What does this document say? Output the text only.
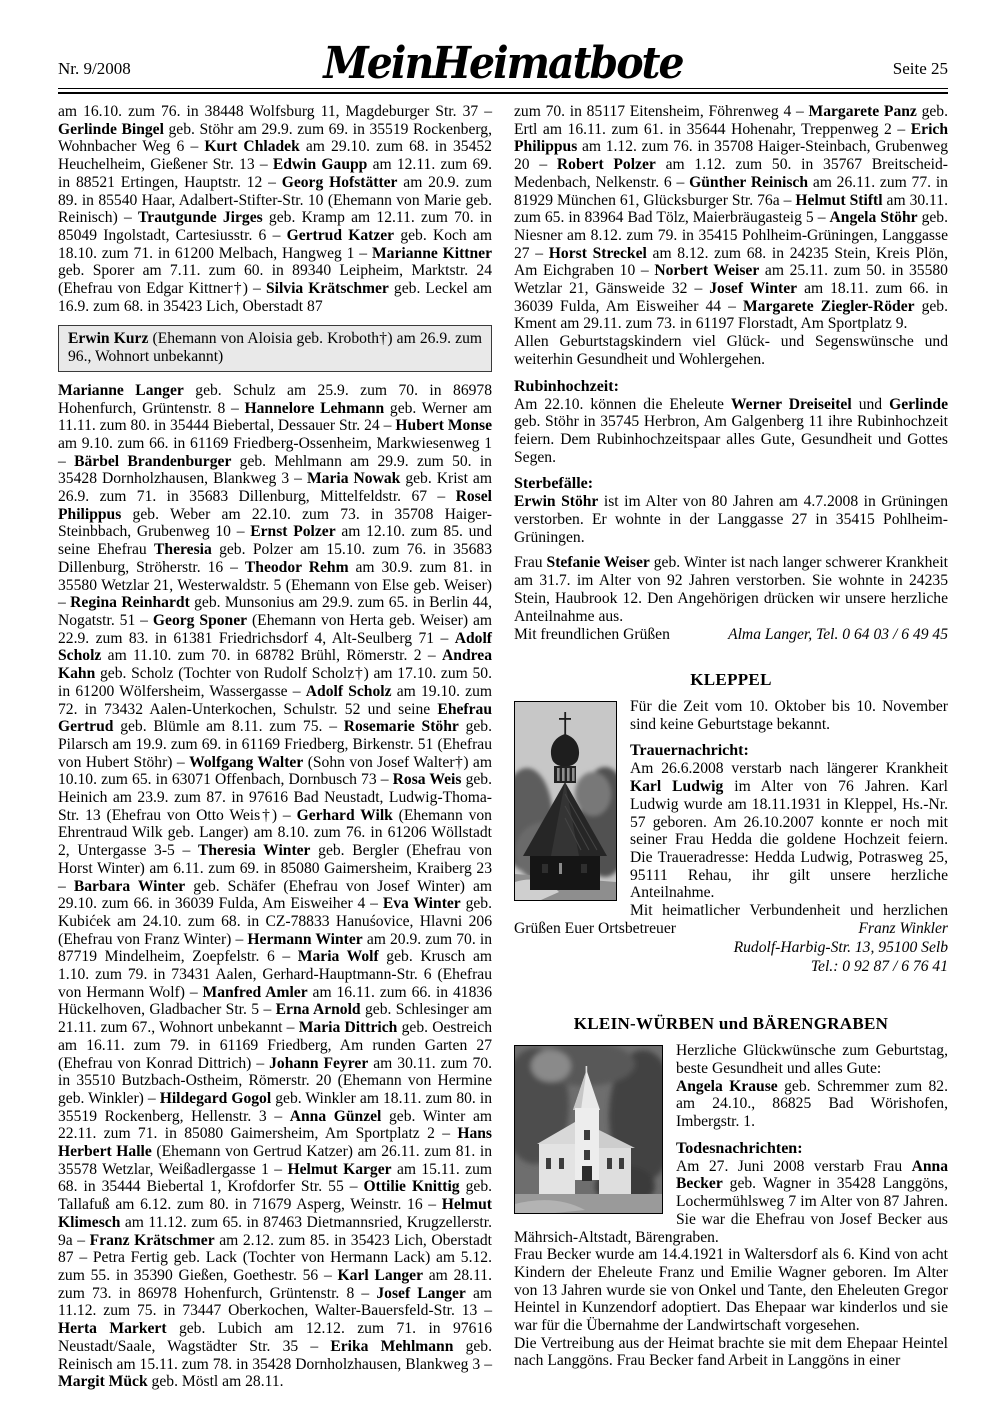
Nr. 9/2008	MeinHeimatbote	Seite 25

am 16.10. zum 76. in 38448 Wolfsburg 11, Magdeburger Str. 37 – Gerlinde Bingel geb. Stöhr am 29.9. zum 69. in 35519 Rockenberg, Wohnbacher Weg 6 – Kurt Chladek am 29.10. zum 68. in 35452 Heuchelheim, Gießener Str. 13 – Edwin Gaupp am 12.11. zum 69. in 88521 Ertingen, Hauptstr. 12 – Georg Hofstätter am 20.9. zum 89. in 85540 Haar, Adalbert-Stifter-Str. 10 (Ehemann von Marie geb. Reinisch) – Trautgunde Jirges geb. Kramp am 12.11. zum 70. in 85049 Ingolstadt, Cartesiusstr. 6 – Gertrud Katzer geb. Koch am 18.10. zum 71. in 61200 Melbach, Hangweg 1 – Marianne Kittner geb. Sporer am 7.11. zum 60. in 89340 Leipheim, Marktstr. 24 (Ehefrau von Edgar Kittner†) – Silvia Krätschmer geb. Leckel am 16.9. zum 68. in 35423 Lich, Oberstadt 87

Erwin Kurz (Ehemann von Aloisia geb. Kroboth†) am 26.9. zum 96., Wohnort unbekannt)

Marianne Langer geb. Schulz am 25.9. zum 70. in 86978 Hohenfurch, Grüntenstr. 8 – Hannelore Lehmann geb. Werner am 11.11. zum 80. in 35444 Biebertal, Dessauer Str. 24 – Hubert Monse am 9.10. zum 66. in 61169 Friedberg-Ossenheim, Markwiesenweg 1 – Bärbel Brandenburger geb. Mehlmann am 29.9. zum 50. in 35428 Dornholzhausen, Blankweg 3 – Maria Nowak geb. Krist am 26.9. zum 71. in 35683 Dillenburg, Mittelfeldstr. 67 – Rosel Philippus geb. Weber am 22.10. zum 73. in 35708 Haiger-Steinbbach, Grubenweg 10 – Ernst Polzer am 12.10. zum 85. und seine Ehefrau Theresia geb. Polzer am 15.10. zum 76. in 35683 Dillenburg, Ströherstr. 16 – Theodor Rehm am 30.9. zum 81. in 35580 Wetzlar 21, Westerwaldstr. 5 (Ehemann von Else geb. Weiser) – Regina Reinhardt geb. Munsonius am 29.9. zum 65. in Berlin 44, Nogatstr. 51 – Georg Sponer (Ehemann von Herta geb. Weiser) am 22.9. zum 83. in 61381 Friedrichsdorf 4, Alt-Seulberg 71 – Adolf Scholz am 11.10. zum 70. in 68782 Brühl, Römerstr. 2 – Andrea Kahn geb. Scholz (Tochter von Rudolf Scholz†) am 17.10. zum 50. in 61200 Wölfersheim, Wassergasse – Adolf Scholz am 19.10. zum 72. in 73432 Aalen-Unterkochen, Schulstr. 52 und seine Ehefrau Gertrud geb. Blümle am 8.11. zum 75. – Rosemarie Stöhr geb. Pilarsch am 19.9. zum 69. in 61169 Friedberg, Birkenstr. 51 (Ehefrau von Hubert Stöhr) – Wolfgang Walter (Sohn von Josef Walter†) am 10.10. zum 65. in 63071 Offenbach, Dornbusch 73 – Rosa Weis geb. Heinich am 23.9. zum 87. in 97616 Bad Neustadt, Ludwig-Thoma-Str. 13 (Ehefrau von Otto Weis†) – Gerhard Wilk (Ehemann von Ehrentraud Wilk geb. Langer) am 8.10. zum 76. in 61206 Wöllstadt 2, Untergasse 3-5 – Theresia Winter geb. Bergler (Ehefrau von Horst Winter) am 6.11. zum 69. in 85080 Gaimersheim, Kraiberg 23 – Barbara Winter geb. Schäfer (Ehefrau von Josef Winter) am 29.10. zum 66. in 36039 Fulda, Am Eisweiher 4 – Eva Winter geb. Kubićek am 24.10. zum 68. in CZ-78833 Hanuśovice, Hlavni 206 (Ehefrau von Franz Winter) – Hermann Winter am 20.9. zum 70. in 87719 Mindelheim, Zoepfelstr. 6 – Maria Wolf geb. Krusch am 1.10. zum 79. in 73431 Aalen, Gerhard-Hauptmann-Str. 6 (Ehefrau von Hermann Wolf) – Manfred Amler am 16.11. zum 66. in 41836 Hückelhoven, Gladbacher Str. 5 – Erna Arnold geb. Schlesinger am 21.11. zum 67., Wohnort unbekannt – Maria Dittrich geb. Oestreich am 16.11. zum 79. in 61169 Friedberg, Am runden Garten 27 (Ehefrau von Konrad Dittrich) – Johann Feyrer am 30.11. zum 70. in 35510 Butzbach-Ostheim, Römerstr. 20 (Ehemann von Hermine geb. Winkler) – Hildegard Gogol geb. Winkler am 18.11. zum 80. in 35519 Rockenberg, Hellenstr. 3 – Anna Günzel geb. Winter am 22.11. zum 71. in 85080 Gaimersheim, Am Sportplatz 2 – Hans Herbert Halle (Ehemann von Gertrud Katzer) am 26.11. zum 81. in 35578 Wetzlar, Weißadlergasse 1 – Helmut Karger am 15.11. zum 68. in 35444 Biebertal 1, Krofdorfer Str. 55 – Ottilie Knittig geb. Tallafuß am 6.12. zum 80. in 71679 Asperg, Weinstr. 16 – Helmut Klimesch am 11.12. zum 65. in 87463 Dietmannsried, Krugzellerstr. 9a – Franz Krätschmer am 2.12. zum 85. in 35423 Lich, Oberstadt 87 – Petra Fertig geb. Lack (Tochter von Hermann Lack) am 5.12. zum 55. in 35390 Gießen, Goethestr. 56 – Karl Langer am 28.11. zum 73. in 86978 Hohenfurch, Grüntenstr. 8 – Josef Langer am 11.12. zum 75. in 73447 Oberkochen, Walter-Bauersfeld-Str. 13 – Herta Markert geb. Lubich am 12.12. zum 71. in 97616 Neustadt/Saale, Wagstädter Str. 35 – Erika Mehlmann geb. Reinisch am 15.11. zum 78. in 35428 Dornholzhausen, Blankweg 3 – Margit Mück geb. Möstl am 28.11.

zum 70. in 85117 Eitensheim, Föhrenweg 4 – Margarete Panz geb. Ertl am 16.11. zum 61. in 35644 Hohenahr, Treppenweg 2 – Erich Philippus am 1.12. zum 76. in 35708 Haiger-Steinbach, Grubenweg 20 – Robert Polzer am 1.12. zum 50. in 35767 Breitscheid-Medenbach, Nelkenstr. 6 – Günther Reinisch am 26.11. zum 77. in 81929 München 61, Glücksburger Str. 76a – Helmut Stiftl am 30.11. zum 65. in 83964 Bad Tölz, Maierbräugasteig 5 – Angela Stöhr geb. Niesner am 8.12. zum 79. in 35415 Pohlheim-Grüningen, Langgasse 27 – Horst Streckel am 8.12. zum 68. in 24235 Stein, Kreis Plön, Am Eichgraben 10 – Norbert Weiser am 25.11. zum 50. in 35580 Wetzlar 21, Gänsweide 32 – Josef Winter am 18.11. zum 66. in 36039 Fulda, Am Eisweiher 44 – Margarete Ziegler-Röder geb. Kment am 29.11. zum 73. in 61197 Florstadt, Am Sportplatz 9.

Allen Geburtstagskindern viel Glück- und Segenswünsche und weiterhin Gesundheit und Wohlergehen.

Rubinhochzeit:

Am 22.10. können die Eheleute Werner Dreiseitel und Gerlinde geb. Stöhr in 35745 Herbron, Am Galgenberg 11 ihre Rubinhochzeit feiern. Dem Rubinhochzeitspaar alles Gute, Gesundheit und Gottes Segen.

Sterbefälle:

Erwin Stöhr ist im Alter von 80 Jahren am 4.7.2008 in Grüningen verstorben. Er wohnte in der Langgasse 27 in 35415 Pohlheim-Grüningen.

Frau Stefanie Weiser geb. Winter ist nach langer schwerer Krankheit am 31.7. im Alter von 92 Jahren verstorben. Sie wohnte in 24235 Stein, Haubrook 12. Den Angehörigen drücken wir unsere herzliche Anteilnahme aus.

Mit freundlichen Grüßen	Alma Langer, Tel. 0 64 03 / 6 49 45
KLEPPEL

Für die Zeit vom 10. Oktober bis 10. November sind keine Geburtstage bekannt.

Trauernachricht:

Am 26.6.2008 verstarb nach längerer Krankheit Karl Ludwig im Alter von 76 Jahren. Karl Ludwig wurde am 18.11.1931 in Kleppel, Hs.-Nr. 57 geboren. Am 26.10.2007 konnte er noch mit seiner Frau Hedda die goldene Hochzeit feiern. Die Traueradresse: Hedda Ludwig, Potrasweg 25, 95111 Rehau, ihr gilt unsere herzliche Anteilnahme.

Mit heimatlicher Verbundenheit und herzlichen Grüßen Euer Ortsbetreuer	Franz Winkler
Rudolf-Harbig-Str. 13, 95100 Selb
Tel.: 0 92 87 / 6 76 41
KLEIN-WÜRBEN und BÄRENGRABEN

Herzliche Glückwünsche zum Geburtstag, beste Gesundheit und alles Gute:

Angela Krause geb. Schremmer zum 82. am 24.10., 86825 Bad Wörishofen, Imbergstr. 1.

Todesnachrichten:

Am 27. Juni 2008 verstarb Frau Anna Becker geb. Wagner in 35428 Langgöns, Lochermühlsweg 7 im Alter von 87 Jahren. Sie war die Ehefrau von Josef Becker aus Mährsich-Altstadt, Bärengraben.

Frau Becker wurde am 14.4.1921 in Waltersdorf als 6. Kind von acht Kindern der Eheleute Franz und Emilie Wagner geboren. Im Alter von 13 Jahren wurde sie von Onkel und Tante, den Eheleuten Gregor Heintel in Kunzendorf adoptiert. Das Ehepaar war kinderlos und sie war für die Übernahme der Landwirtschaft vorgesehen.

Die Vertreibung aus der Heimat brachte sie mit dem Ehepaar Heintel nach Langgöns. Frau Becker fand Arbeit in Langgöns in einer
